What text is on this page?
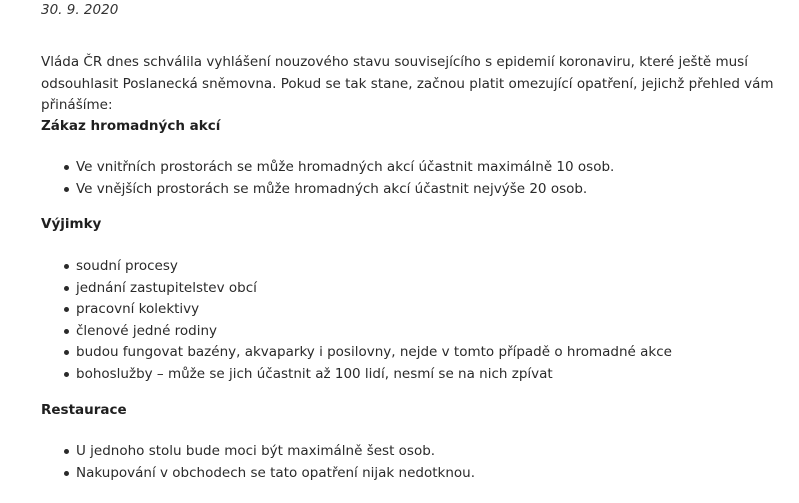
30. 9. 2020
Vláda ČR dnes schválila vyhlášení nouzového stavu souvisejícího s epidemií koronaviru, které ještě musí odsouhlasit Poslanecká sněmovna. Pokud se tak stane, začnou platit omezující opatření, jejichž přehled vám přinášíme:
Zákaz hromadných akcí
Ve vnitřních prostorách se může hromadných akcí účastnit maximálně 10 osob.
Ve vnějších prostorách se může hromadných akcí účastnit nejvýše 20 osob.
Výjimky
soudní procesy
jednání zastupitelstev obcí
pracovní kolektivy
členové jedné rodiny
budou fungovat bazény, akvaparky i posilovny, nejde v tomto případě o hromadné akce
bohoslužby – může se jich účastnit až 100 lidí, nesmí se na nich zpívat
Restaurace
U jednoho stolu bude moci být maximálně šest osob.
Nakupování v obchodech se tato opatření nijak nedotknou.
